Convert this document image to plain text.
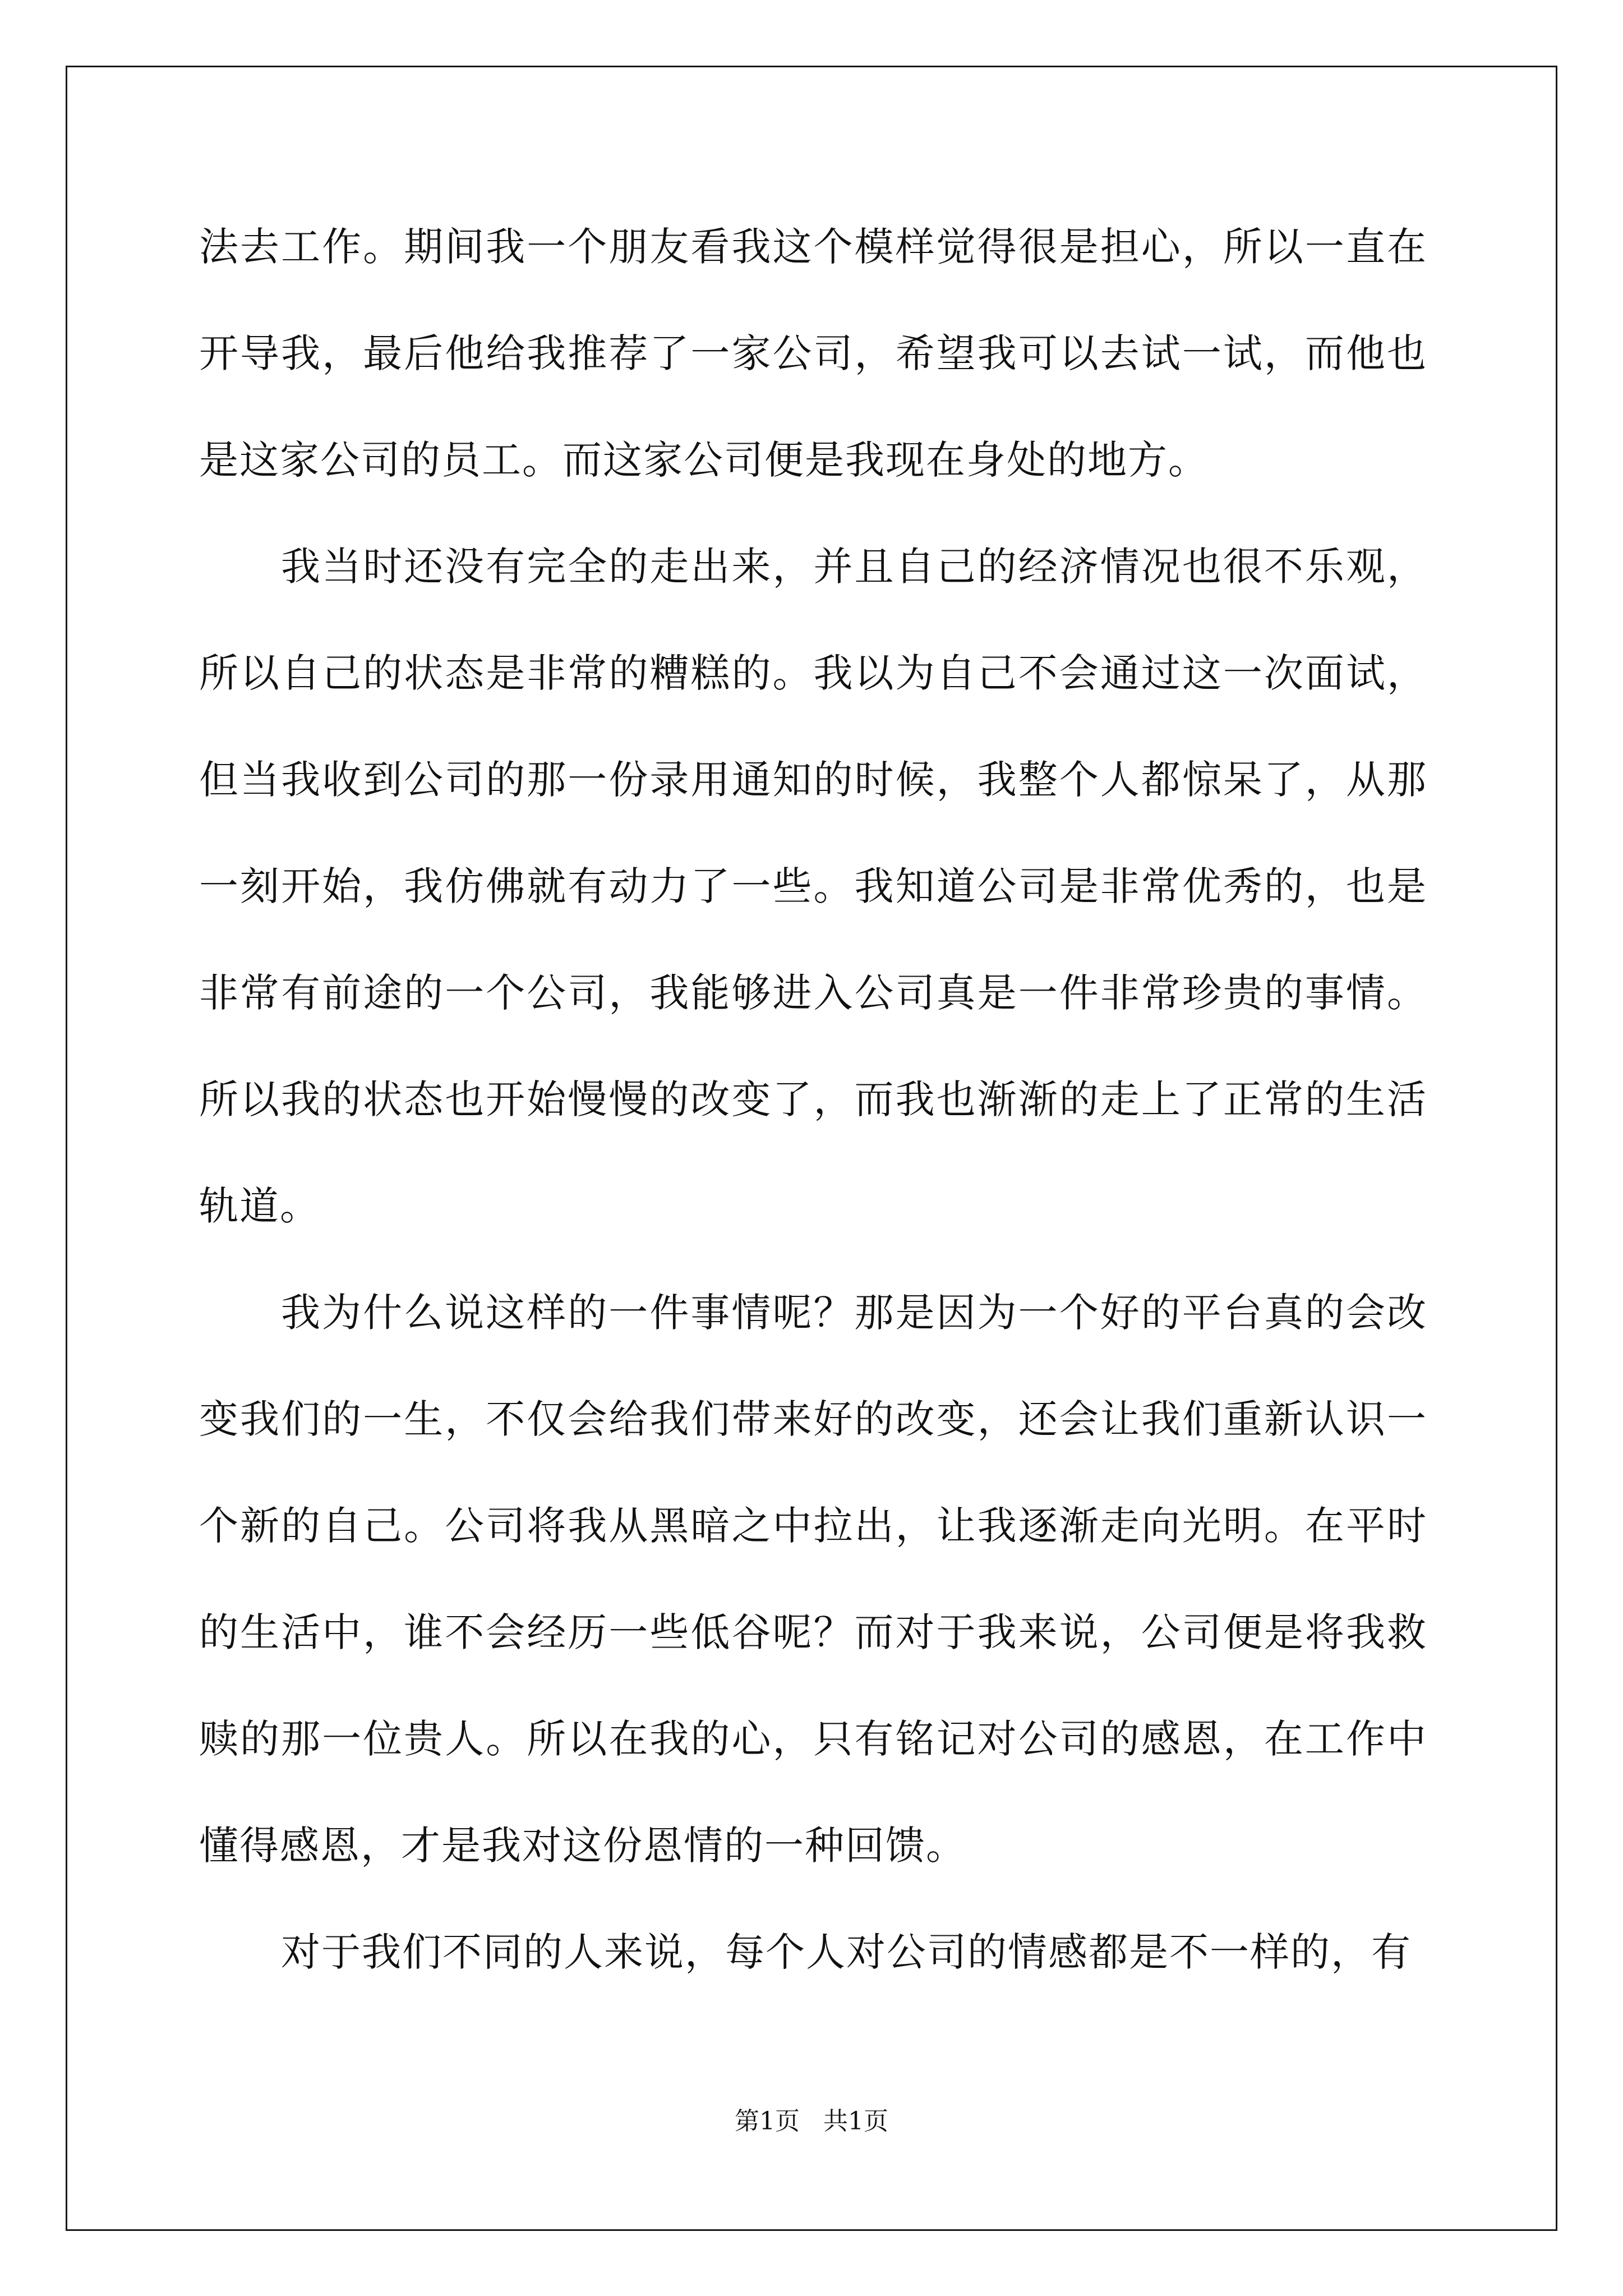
法去工作。期间我一个朋友看我这个模样觉得很是担心，所以一直在开导我，最后他给我推荐了一家公司，希望我可以去试一试，而他也是这家公司的员工。而这家公司便是我现在身处的地方。

我当时还没有完全的走出来，并且自己的经济情况也很不乐观，所以自己的状态是非常的糟糕的。我以为自己不会通过这一次面试，但当我收到公司的那一份录用通知的时候，我整个人都惊呆了，从那一刻开始，我仿佛就有动力了一些。我知道公司是非常优秀的，也是非常有前途的一个公司，我能够进入公司真是一件非常珍贵的事情。所以我的状态也开始慢慢的改变了，而我也渐渐的走上了正常的生活轨道。

我为什么说这样的一件事情呢？那是因为一个好的平台真的会改变我们的一生，不仅会给我们带来好的改变，还会让我们重新认识一个新的自己。公司将我从黑暗之中拉出，让我逐渐走向光明。在平时的生活中，谁不会经历一些低谷呢？而对于我来说，公司便是将我救赎的那一位贵人。所以在我的心，只有铭记对公司的感恩，在工作中懂得感恩，才是我对这份恩情的一种回馈。

对于我们不同的人来说，每个人对公司的情感都是不一样的，有

第1页   共1页
